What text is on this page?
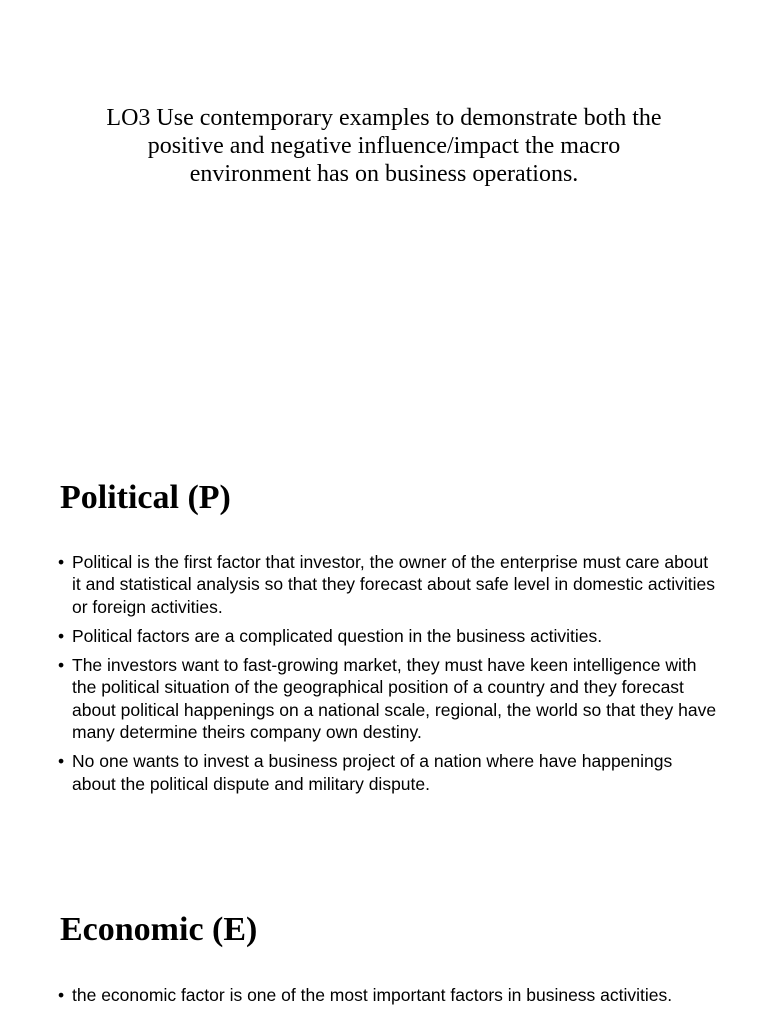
LO3 Use contemporary examples to demonstrate both the positive and negative influence/impact the macro environment has on business operations.
Political (P)
• Political is the first factor that investor, the owner of the enterprise must care about it and statistical analysis so that they forecast about safe level in domestic activities or foreign activities.
• Political factors are a complicated question in the business activities.
• The investors want to fast-growing market, they must have keen intelligence with the political situation of the geographical position of a country and they forecast about political happenings on a national scale, regional, the world so that they have many determine theirs company own destiny.
• No one wants to invest a business project of a nation where have happenings about the political dispute and military dispute.
Economic (E)
• the economic factor is one of the most important factors in business activities.
